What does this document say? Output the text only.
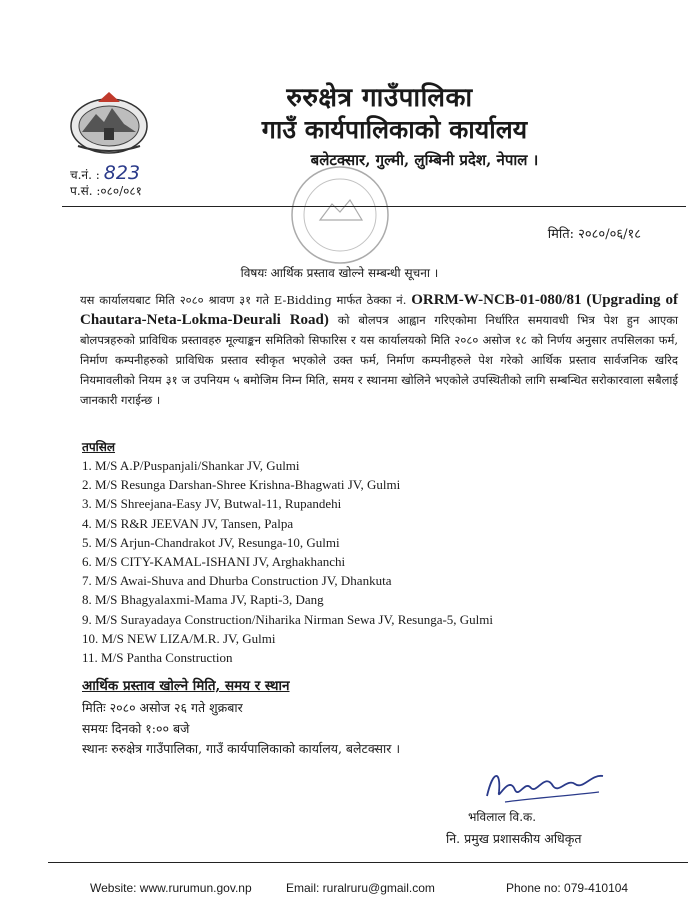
रुरुक्षेत्र गाउँपालिका
गाउँ कार्यपालिकाको कार्यालय
बलेटक्सार, गुल्मी, लुम्बिनी प्रदेश, नेपाल ।
च.नं. : 823
प.सं. :०८०/०८१
मिति: २०८०/०६/१८
विषयः आर्थिक प्रस्ताव खोल्ने सम्बन्धी सूचना ।
यस कार्यालयबाट मिति २०८० श्रावण ३१ गते E-Bidding मार्फत ठेक्का नं. ORRM-W-NCB-01-080/81 (Upgrading of Chautara-Neta-Lokma-Deurali Road) को बोलपत्र आह्वान गरिएकोमा निर्धारित समयावधी भित्र पेश हुन आएका बोलपत्रहरुको प्राविधिक प्रस्तावहरु मूल्याङ्कन समितिको सिफारिस र यस कार्यालयको मिति २०८० असोज १८ को निर्णय अनुसार तपसिलका फर्म, निर्माण कम्पनीहरुको प्राविधिक प्रस्ताव स्वीकृत भएकोले उक्त फर्म, निर्माण कम्पनीहरुले पेश गरेको आर्थिक प्रस्ताव सार्वजनिक खरिद नियमावलीको नियम ३१ ज उपनियम ५ बमोजिम निम्न मिति, समय र स्थानमा खोलिने भएकोले उपस्थितीको लागि सम्बन्धित सरोकारवाला सबैलाई जानकारी गराईन्छ ।
तपसिल
1. M/S A.P/Puspanjali/Shankar JV, Gulmi
2. M/S Resunga Darshan-Shree Krishna-Bhagwati JV, Gulmi
3. M/S Shreejana-Easy JV, Butwal-11, Rupandehi
4. M/S R&R JEEVAN JV, Tansen, Palpa
5. M/S Arjun-Chandrakot JV, Resunga-10, Gulmi
6. M/S CITY-KAMAL-ISHANI JV, Arghakhanchi
7. M/S Awai-Shuva and Dhurba Construction JV, Dhankuta
8. M/S Bhagyalaxmi-Mama JV, Rapti-3, Dang
9. M/S Surayadaya Construction/Niharika Nirman Sewa JV, Resunga-5, Gulmi
10. M/S NEW LIZA/M.R. JV, Gulmi
11. M/S Pantha Construction
आर्थिक प्रस्ताव खोल्ने मिति, समय र स्थान
मितिः २०८० असोज २६ गते शुक्रबार
समयः दिनको १:०० बजे
स्थानः रुरुक्षेत्र गाउँपालिका, गाउँ कार्यपालिकाको कार्यालय, बलेटक्सार ।
भविलाल वि.क.
नि. प्रमुख प्रशासकीय अधिकृत
Website: www.rurumun.gov.np	Email: ruralruru@gmail.com	Phone no: 079-410104
